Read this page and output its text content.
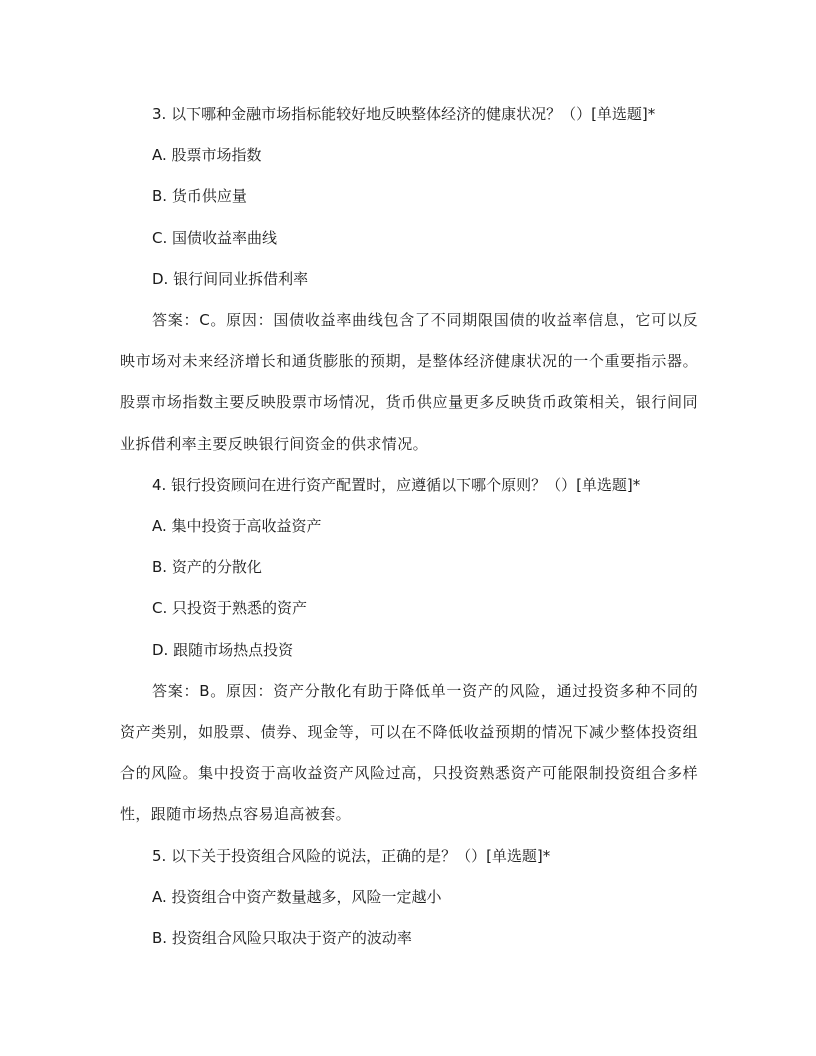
3. 以下哪种金融市场指标能较好地反映整体经济的健康状况？（）[单选题]*

A. 股票市场指数

B. 货币供应量

C. 国债收益率曲线

D. 银行间同业拆借利率

答案：C。原因：国债收益率曲线包含了不同期限国债的收益率信息，它可以反映市场对未来经济增长和通货膨胀的预期，是整体经济健康状况的一个重要指示器。股票市场指数主要反映股票市场情况，货币供应量更多反映货币政策相关，银行间同业拆借利率主要反映银行间资金的供求情况。

4. 银行投资顾问在进行资产配置时，应遵循以下哪个原则？（）[单选题]*

A. 集中投资于高收益资产

B. 资产的分散化

C. 只投资于熟悉的资产

D. 跟随市场热点投资

答案：B。原因：资产分散化有助于降低单一资产的风险，通过投资多种不同的资产类别，如股票、债券、现金等，可以在不降低收益预期的情况下减少整体投资组合的风险。集中投资于高收益资产风险过高，只投资熟悉资产可能限制投资组合多样性，跟随市场热点容易追高被套。

5. 以下关于投资组合风险的说法，正确的是？（）[单选题]*

A. 投资组合中资产数量越多，风险一定越小

B. 投资组合风险只取决于资产的波动率
